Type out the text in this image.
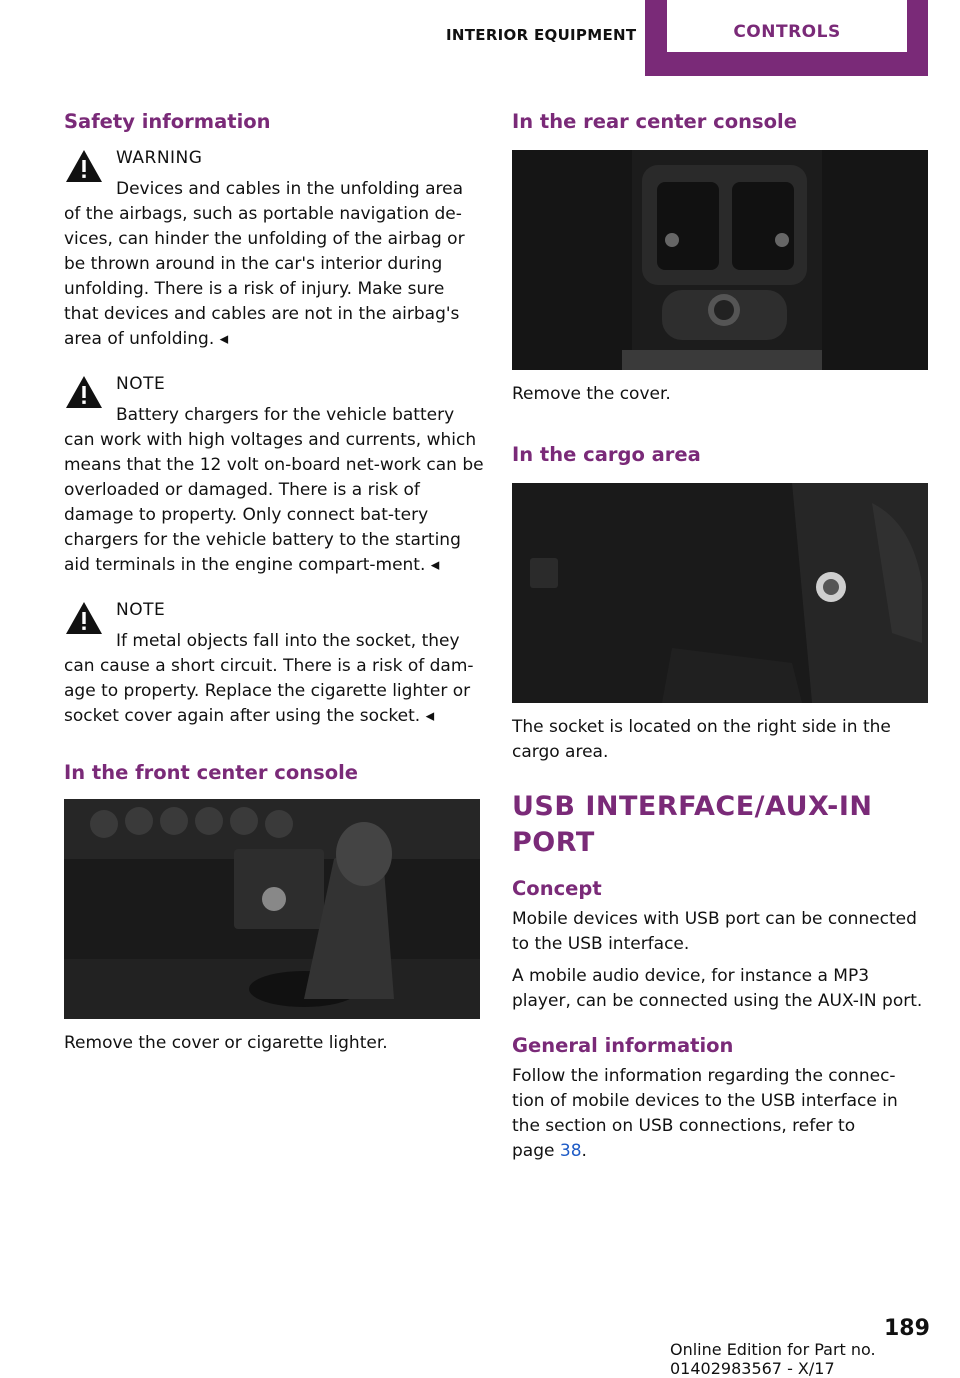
INTERIOR EQUIPMENT	CONTROLS

Safety information

WARNING

Devices and cables in the unfolding area

of the airbags, such as portable navigation de-vices, can hinder the unfolding of the airbag or be thrown around in the car's interior during unfolding. There is a risk of injury. Make sure that devices and cables are not in the airbag's area of unfolding. ◂

NOTE

Battery chargers for the vehicle battery

can work with high voltages and currents, which means that the 12 volt on-board net-work can be overloaded or damaged. There is a risk of damage to property. Only connect bat-tery chargers for the vehicle battery to the starting aid terminals in the engine compart-ment. ◂

NOTE

If metal objects fall into the socket, they

can cause a short circuit. There is a risk of dam-age to property. Replace the cigarette lighter or socket cover again after using the socket. ◂

In the front center console

Remove the cover or cigarette lighter.

In the rear center console

Remove the cover.

In the cargo area

The socket is located on the right side in the cargo area.

USB INTERFACE/AUX-IN PORT

Concept

Mobile devices with USB port can be connected to the USB interface.

A mobile audio device, for instance a MP3 player, can be connected using the AUX-IN port.

General information

Follow the information regarding the connec-tion of mobile devices to the USB interface in the section on USB connections, refer to

page 38.

189
Online Edition for Part no. 01402983567 - X/17
